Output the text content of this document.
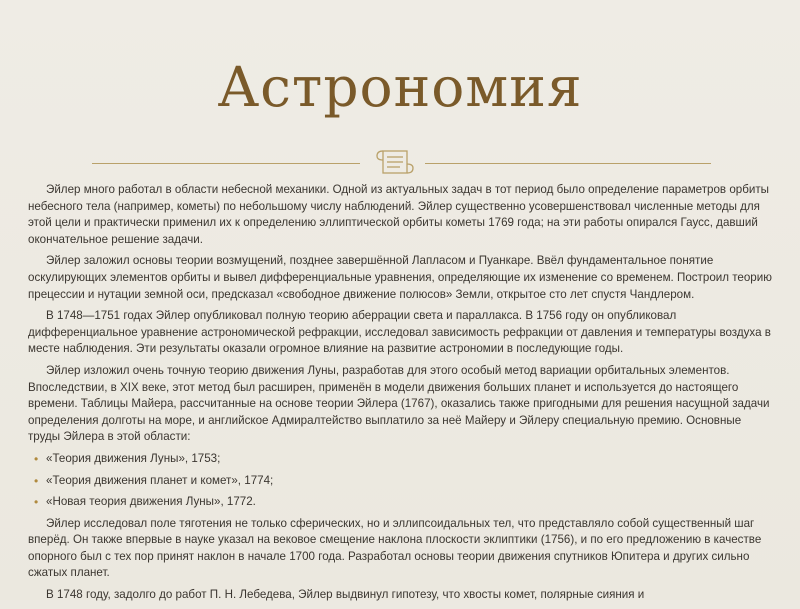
Астрономия

Эйлер много работал в области небесной механики. Одной из актуальных задач в тот период было определение параметров орбиты небесного тела (например, кометы) по небольшому числу наблюдений. Эйлер существенно усовершенствовал численные методы для этой цели и практически применил их к определению эллиптической орбиты кометы 1769 года; на эти работы опирался Гаусс, давший окончательное решение задачи.

Эйлер заложил основы теории возмущений, позднее завершённой Лапласом и Пуанкаре. Ввёл фундаментальное понятие оскулирующих элементов орбиты и вывел дифференциальные уравнения, определяющие их изменение со временем. Построил теорию прецессии и нутации земной оси, предсказал «свободное движение полюсов» Земли, открытое сто лет спустя Чандлером.

В 1748—1751 годах Эйлер опубликовал полную теорию аберрации света и параллакса. В 1756 году он опубликовал дифференциальное уравнение астрономической рефракции, исследовал зависимость рефракции от давления и температуры воздуха в месте наблюдения. Эти результаты оказали огромное влияние на развитие астрономии в последующие годы.

Эйлер изложил очень точную теорию движения Луны, разработав для этого особый метод вариации орбитальных элементов. Впоследствии, в XIX веке, этот метод был расширен, применён в модели движения больших планет и используется до настоящего времени. Таблицы Майера, рассчитанные на основе теории Эйлера (1767), оказались также пригодными для решения насущной задачи определения долготы на море, и английское Адмиралтейство выплатило за неё Майеру и Эйлеру специальную премию. Основные труды Эйлера в этой области:

• «Теория движения Луны», 1753;
• «Теория движения планет и комет», 1774;
• «Новая теория движения Луны», 1772.

Эйлер исследовал поле тяготения не только сферических, но и эллипсоидальных тел, что представляло собой существенный шаг вперёд. Он также впервые в науке указал на вековое смещение наклона плоскости эклиптики (1756), и по его предложению в качестве опорного был с тех пор принят наклон в начале 1700 года. Разработал основы теории движения спутников Юпитера и других сильно сжатых планет.

В 1748 году, задолго до работ П. Н. Лебедева, Эйлер выдвинул гипотезу, что хвосты комет, полярные сияния и
